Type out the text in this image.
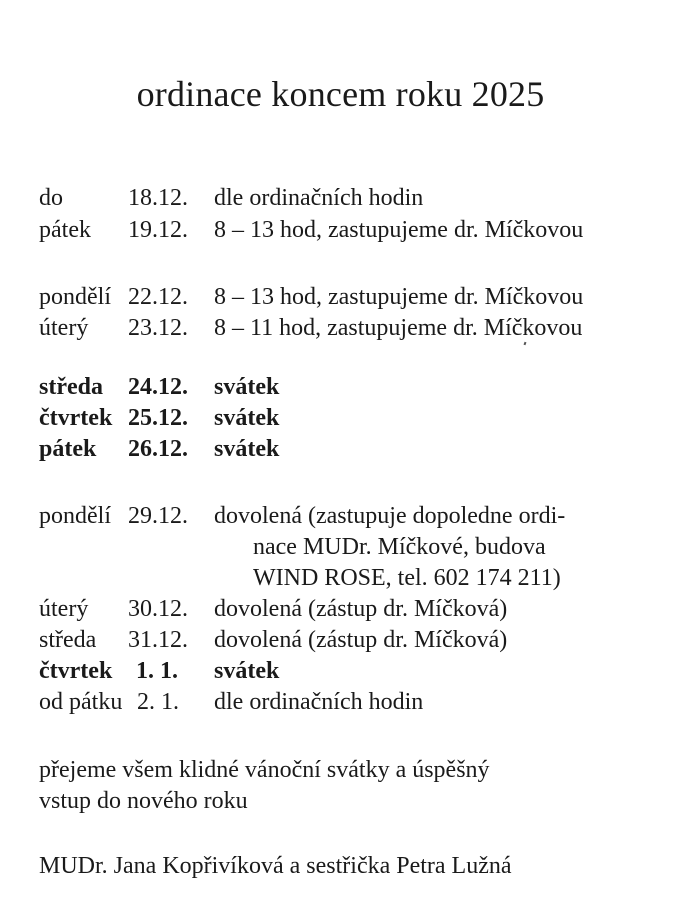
ordinace koncem roku 2025
do	18.12. dle ordinačních hodin
pátek 19.12. 8 – 13 hod, zastupujeme dr. Míčkovou
pondělí 22.12. 8 – 13 hod, zastupujeme dr. Míčkovou
úterý 23.12. 8 – 11 hod, zastupujeme dr. Míčkovou
středa 24.12. svátek
čtvrtek 25.12. svátek
pátek 26.12. svátek
pondělí 29.12. dovolená (zastupuje dopoledne ordi-
nace MUDr. Míčkové, budova
WIND ROSE, tel. 602 174 211)
úterý 30.12. dovolená (zástup dr. Míčková)
středa 31.12. dovolená (zástup dr. Míčková)
čtvrtek 1. 1. svátek
od pátku 2. 1. dle ordinačních hodin
přejeme všem klidné vánoční svátky a úspěšný
vstup do nového roku
MUDr. Jana Kopřivíková a sestřička Petra Lužná
